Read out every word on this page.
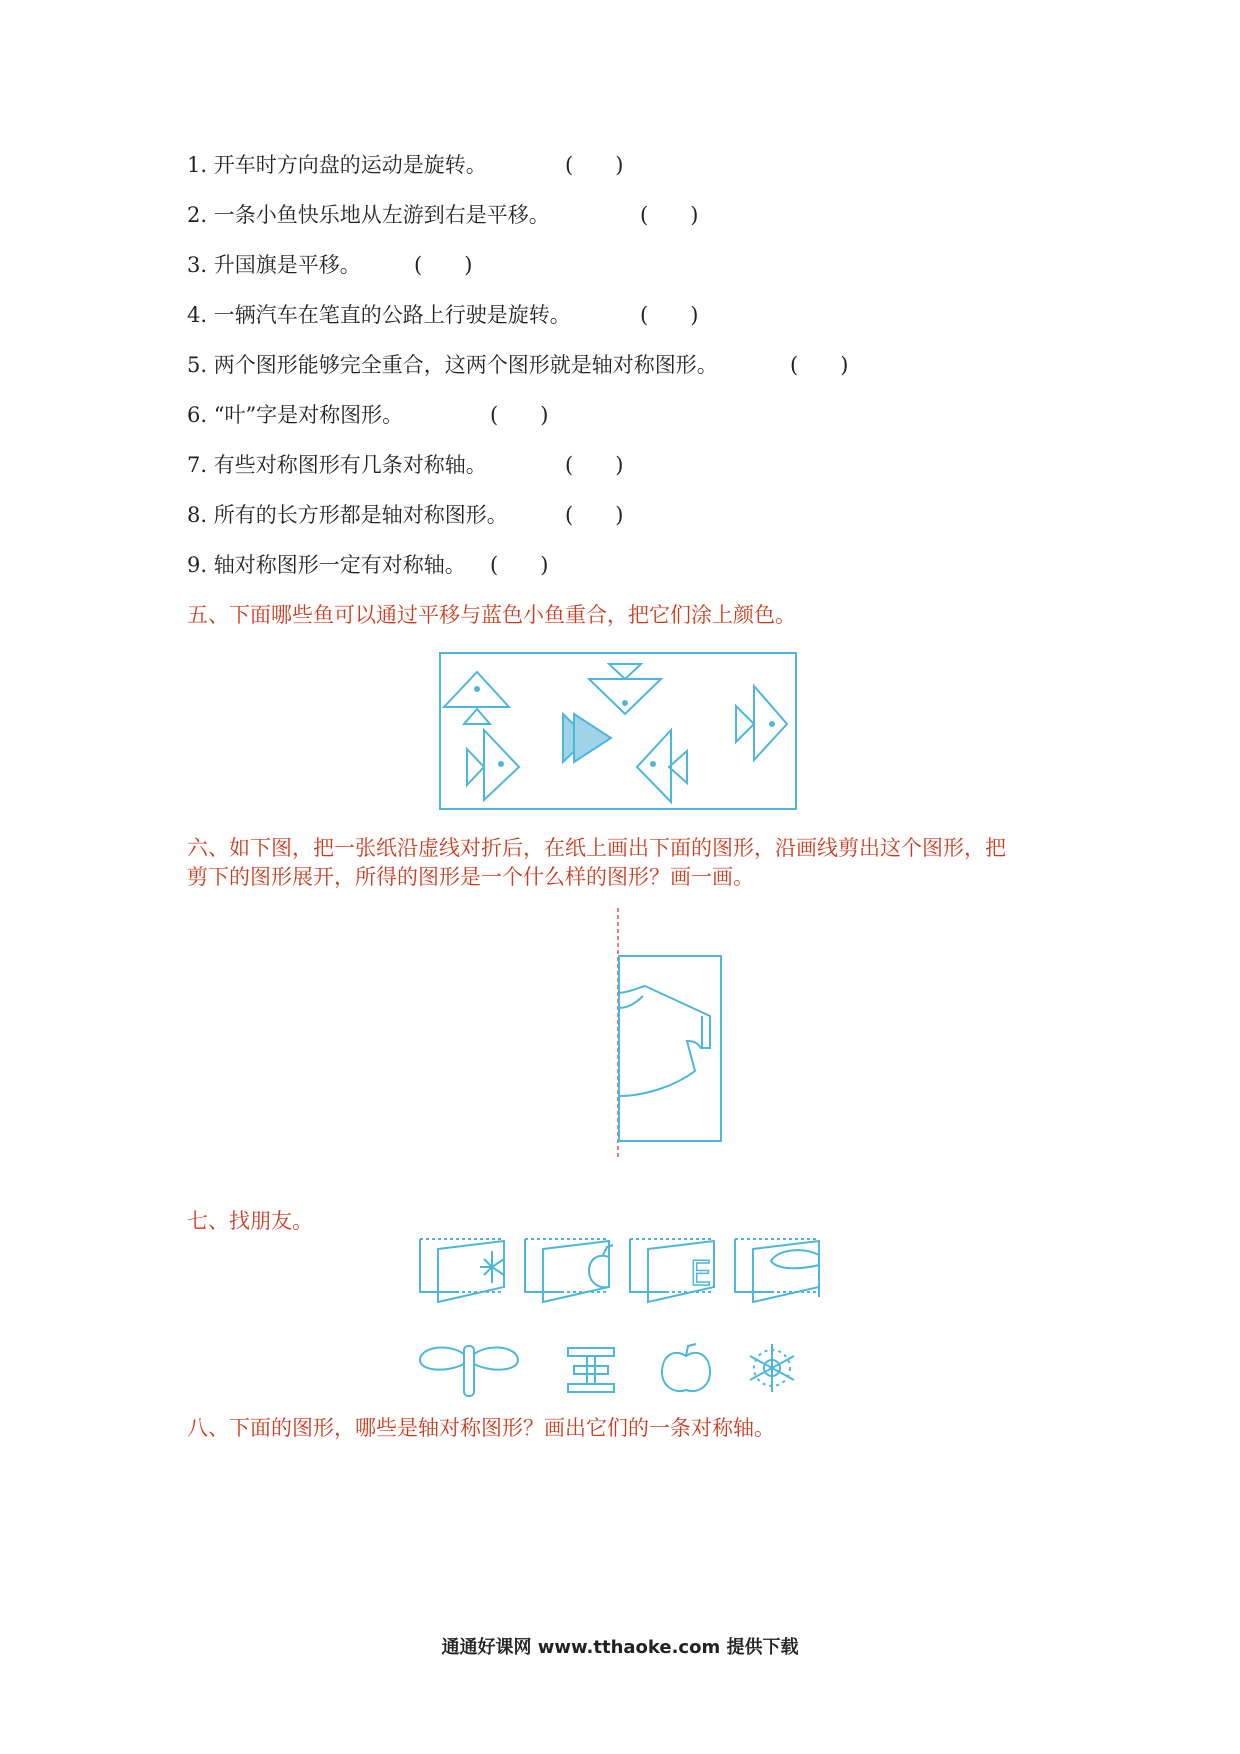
1. 开车时方向盘的运动是旋转。	(　　)
2. 一条小鱼快乐地从左游到右是平移。	(　　)
3. 升国旗是平移。	(　　)
4. 一辆汽车在笔直的公路上行驶是旋转。	(　　)
5. 两个图形能够完全重合，这两个图形就是轴对称图形。	(　　)
6. “叶”字是对称图形。	(　　)
7. 有些对称图形有几条对称轴。	(　　)
8. 所有的长方形都是轴对称图形。	(　　)
9. 轴对称图形一定有对称轴。 (　　)
五、下面哪些鱼可以通过平移与蓝色小鱼重合，把它们涂上颜色。
六、如下图，把一张纸沿虚线对折后，在纸上画出下面的图形，沿画线剪出这个图形，把
剪下的图形展开，所得的图形是一个什么样的图形？画一画。
七、找朋友。
E
八、下面的图形，哪些是轴对称图形？画出它们的一条对称轴。
通通好课网 www.tthaoke.com 提供下载
